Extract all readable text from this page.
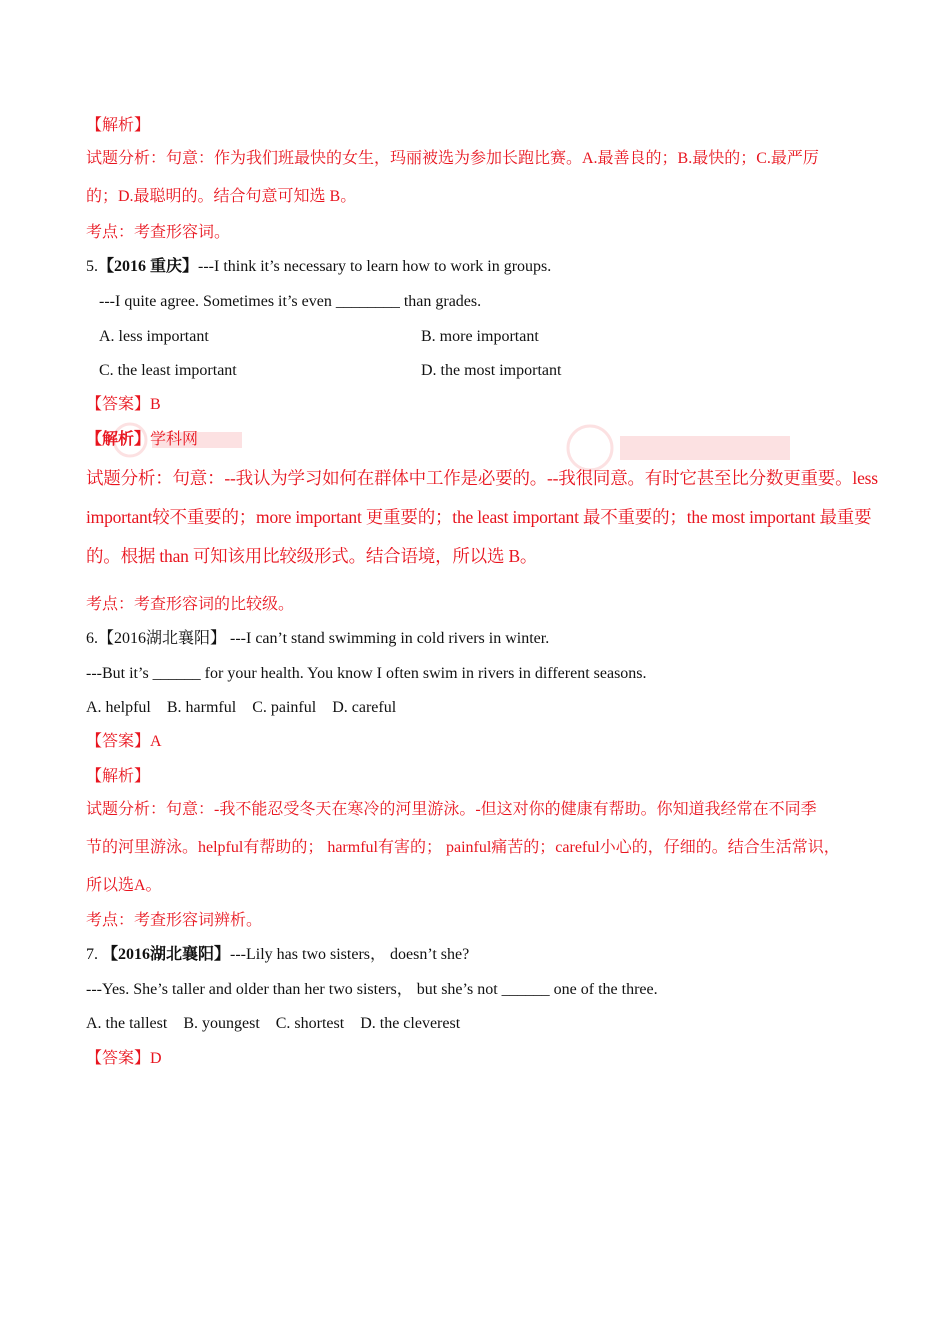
【解析】
试题分析：句意：作为我们班最快的女生，玛丽被选为参加长跑比赛。A.最善良的；B.最快的；C.最严厉
的；D.最聪明的。结合句意可知选 B。
考点：考查形容词。
5.【2016 重庆】---I think it’s necessary to learn how to work in groups.
---I quite agree. Sometimes it’s even ________ than grades.
A. less important	B. more important
C. the least important	D. the most important
【答案】B
【解析】学科网
试题分析：句意：--我认为学习如何在群体中工作是必要的。--我很同意。有时它甚至比分数更重要。less
important较不重要的；more important 更重要的；the least important 最不重要的；the most important 最重要
的。根据 than 可知该用比较级形式。结合语境，所以选 B。
考点：考查形容词的比较级。
6.【2016湖北襄阳】 ---I can’t stand swimming in cold rivers in winter.
---But it’s ______ for your health. You know I often swim in rivers in different seasons.
A. helpful    B. harmful    C. painful    D. careful
【答案】A
【解析】
试题分析：句意：-我不能忍受冬天在寒冷的河里游泳。-但这对你的健康有帮助。你知道我经常在不同季
节的河里游泳。helpful有帮助的； harmful有害的； painful痛苦的；careful小心的，仔细的。结合生活常识，
所以选A。
考点：考查形容词辨析。
7. 【2016湖北襄阳】---Lily has two sisters， doesn’t she?
---Yes. She’s taller and older than her two sisters， but she’s not ______ one of the three.
A. the tallest    B. youngest    C. shortest    D. the cleverest
【答案】D
